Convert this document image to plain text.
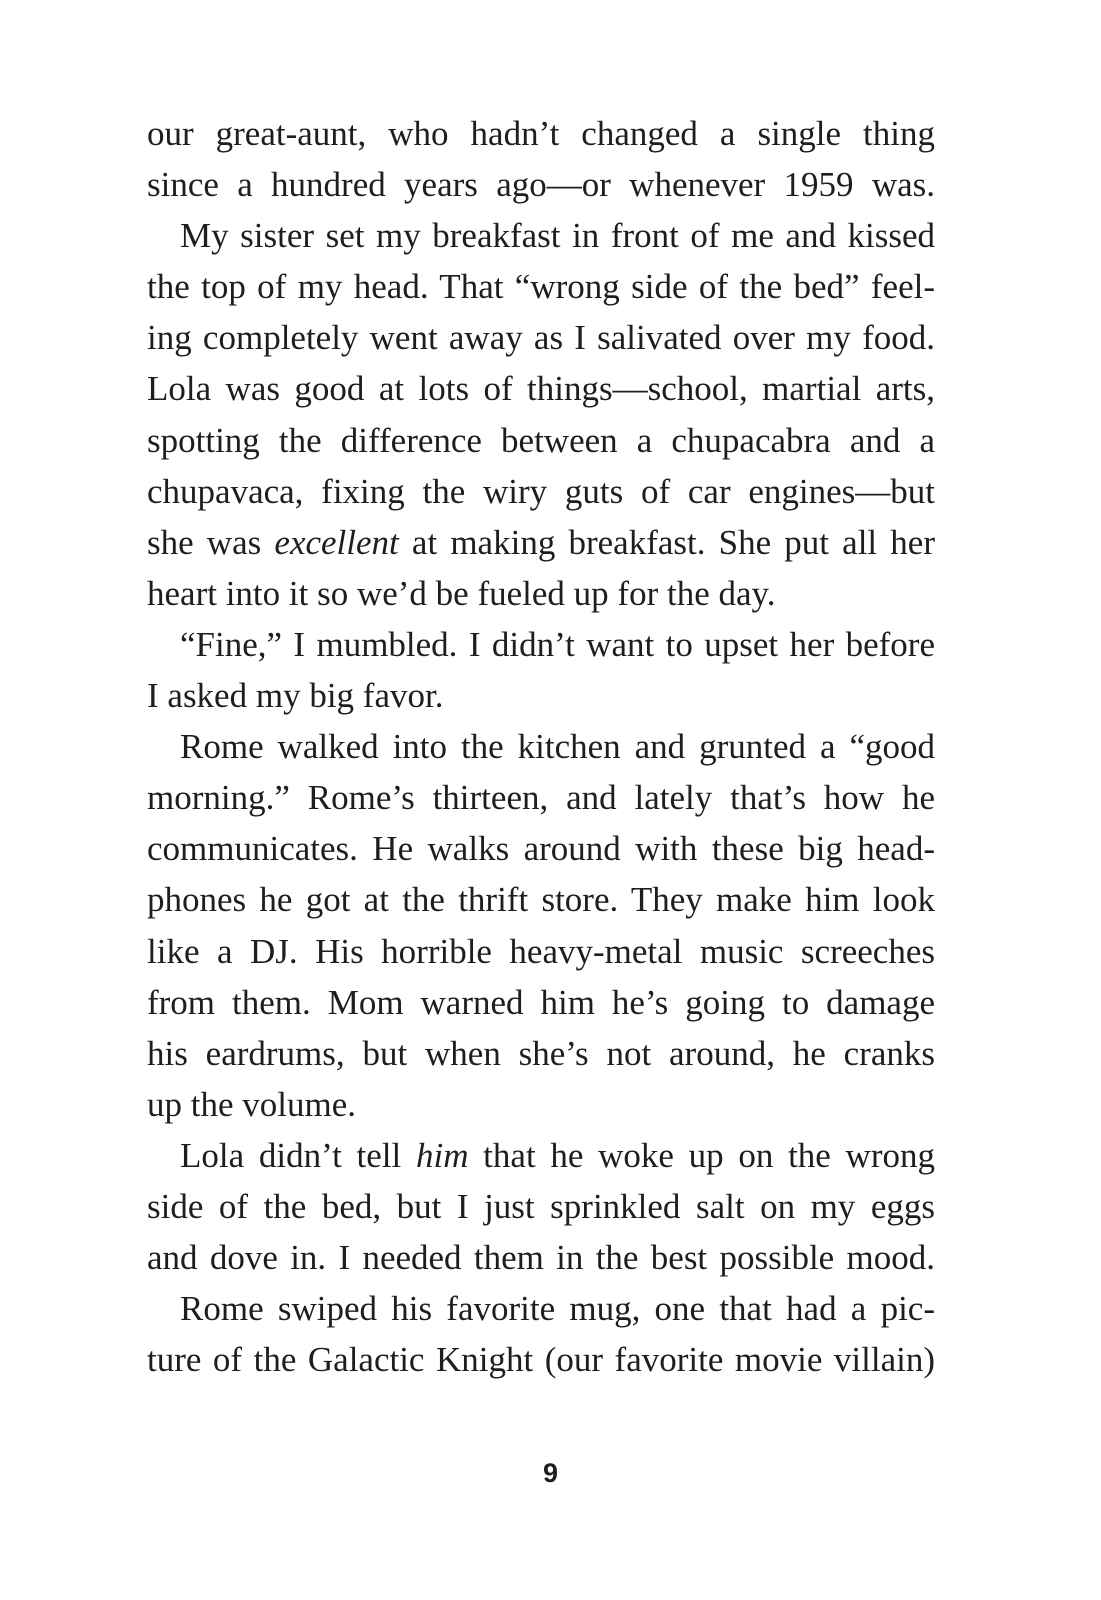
our great-aunt, who hadn’t changed a single thing
since a hundred years ago—or whenever 1959 was.
My sister set my breakfast in front of me and kissed
the top of my head. That “wrong side of the bed” feel-
ing completely went away as I salivated over my food.
Lola was good at lots of things—school, martial arts,
spotting the difference between a chupacabra and a
chupavaca, fixing the wiry guts of car engines—but
she was excellent at making breakfast. She put all her
heart into it so we’d be fueled up for the day.
“Fine,” I mumbled. I didn’t want to upset her before
I asked my big favor.
Rome walked into the kitchen and grunted a “good
morning.” Rome’s thirteen, and lately that’s how he
communicates. He walks around with these big head-
phones he got at the thrift store. They make him look
like a DJ. His horrible heavy-metal music screeches
from them. Mom warned him he’s going to damage
his eardrums, but when she’s not around, he cranks
up the volume.
Lola didn’t tell him that he woke up on the wrong
side of the bed, but I just sprinkled salt on my eggs
and dove in. I needed them in the best possible mood.
Rome swiped his favorite mug, one that had a pic-
ture of the Galactic Knight (our favorite movie villain)
9
